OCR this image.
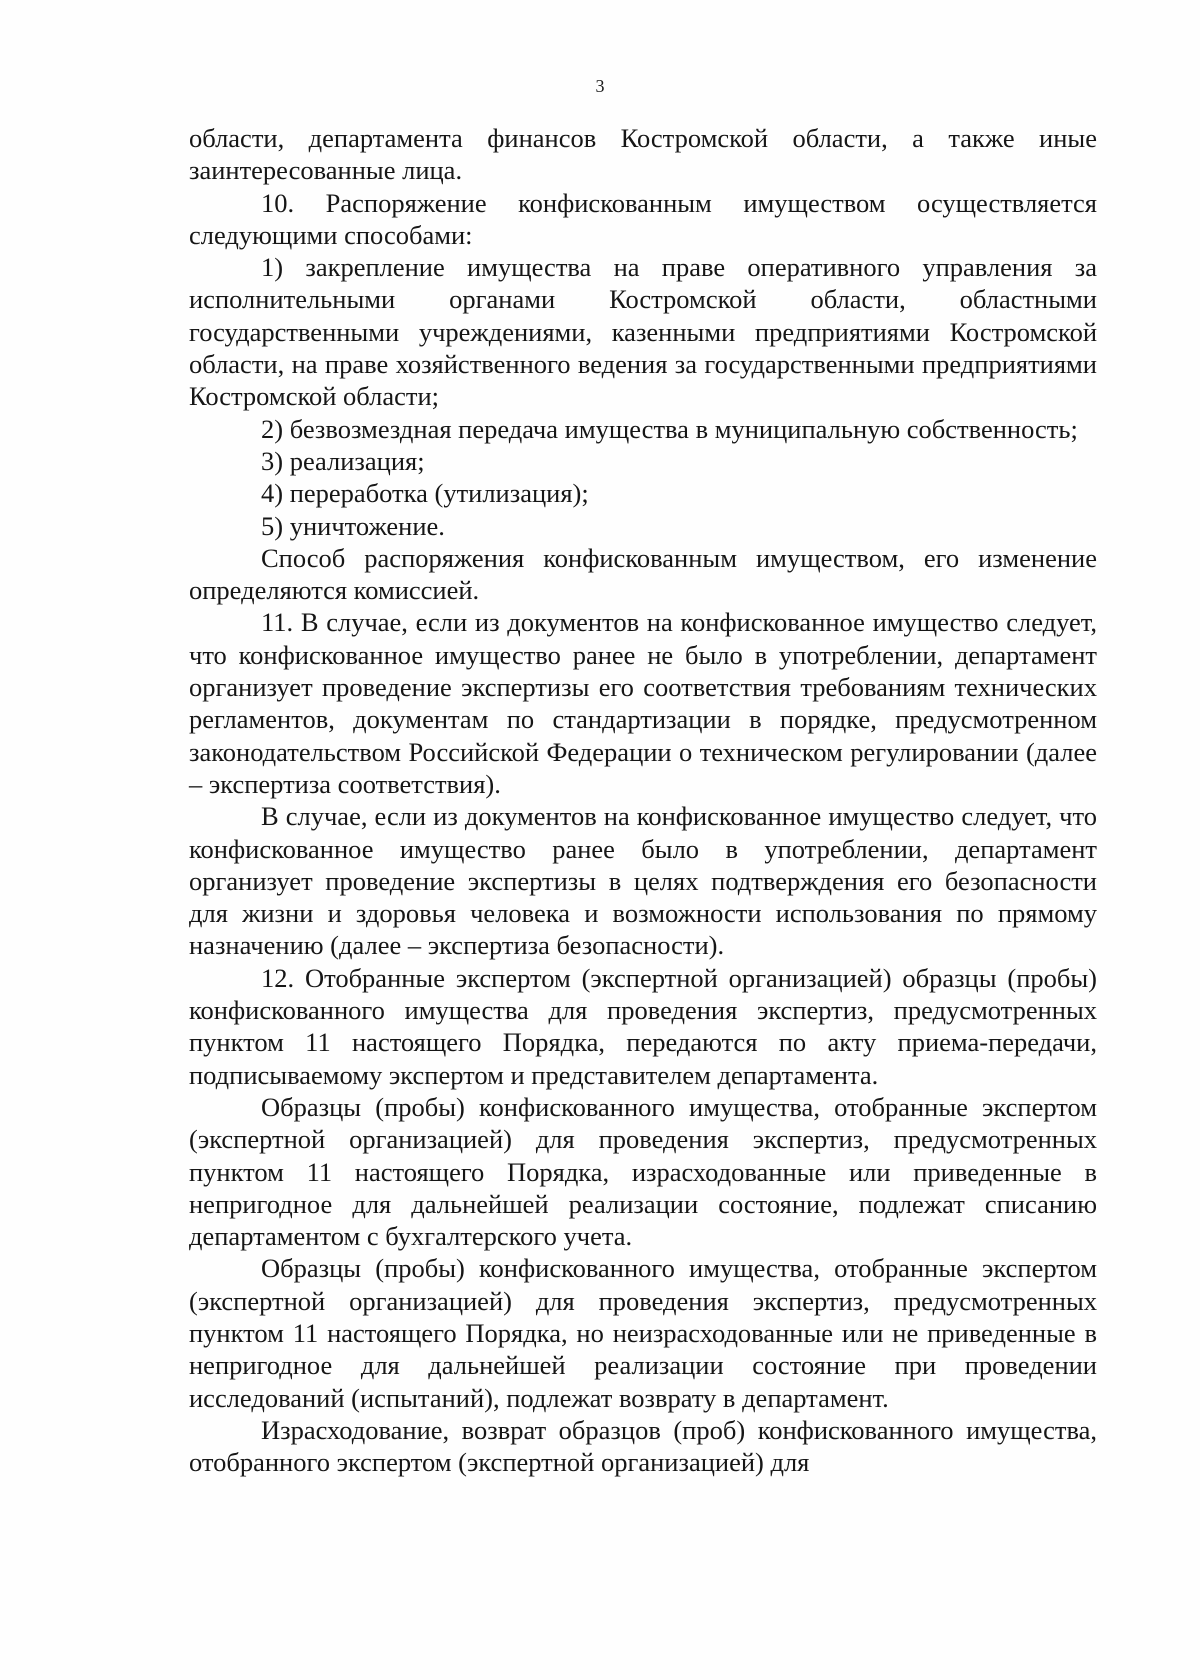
3

области, департамента финансов Костромской области, а также иные заинтересованные лица.

10. Распоряжение конфискованным имуществом осуществляется следующими способами:

1) закрепление имущества на праве оперативного управления за исполнительными органами Костромской области, областными государственными учреждениями, казенными предприятиями Костромской области, на праве хозяйственного ведения за государственными предприятиями Костромской области;

2) безвозмездная передача имущества в муниципальную собственность;

3) реализация;

4) переработка (утилизация);

5) уничтожение.

Способ распоряжения конфискованным имуществом, его изменение определяются комиссией.

11. В случае, если из документов на конфискованное имущество следует, что конфискованное имущество ранее не было в употреблении, департамент организует проведение экспертизы его соответствия требованиям технических регламентов, документам по стандартизации в порядке, предусмотренном законодательством Российской Федерации о техническом регулировании (далее – экспертиза соответствия).

В случае, если из документов на конфискованное имущество следует, что конфискованное имущество ранее было в употреблении, департамент организует проведение экспертизы в целях подтверждения его безопасности для жизни и здоровья человека и возможности использования по прямому назначению (далее – экспертиза безопасности).

12. Отобранные экспертом (экспертной организацией) образцы (пробы) конфискованного имущества для проведения экспертиз, предусмотренных пунктом 11 настоящего Порядка, передаются по акту приема-передачи, подписываемому экспертом и представителем департамента.

Образцы (пробы) конфискованного имущества, отобранные экспертом (экспертной организацией) для проведения экспертиз, предусмотренных пунктом 11 настоящего Порядка, израсходованные или приведенные в непригодное для дальнейшей реализации состояние, подлежат списанию департаментом с бухгалтерского учета.

Образцы (пробы) конфискованного имущества, отобранные экспертом (экспертной организацией) для проведения экспертиз, предусмотренных пунктом 11 настоящего Порядка, но неизрасходованные или не приведенные в непригодное для дальнейшей реализации состояние при проведении исследований (испытаний), подлежат возврату в департамент.

Израсходование, возврат образцов (проб) конфискованного имущества, отобранного экспертом (экспертной организацией) для
